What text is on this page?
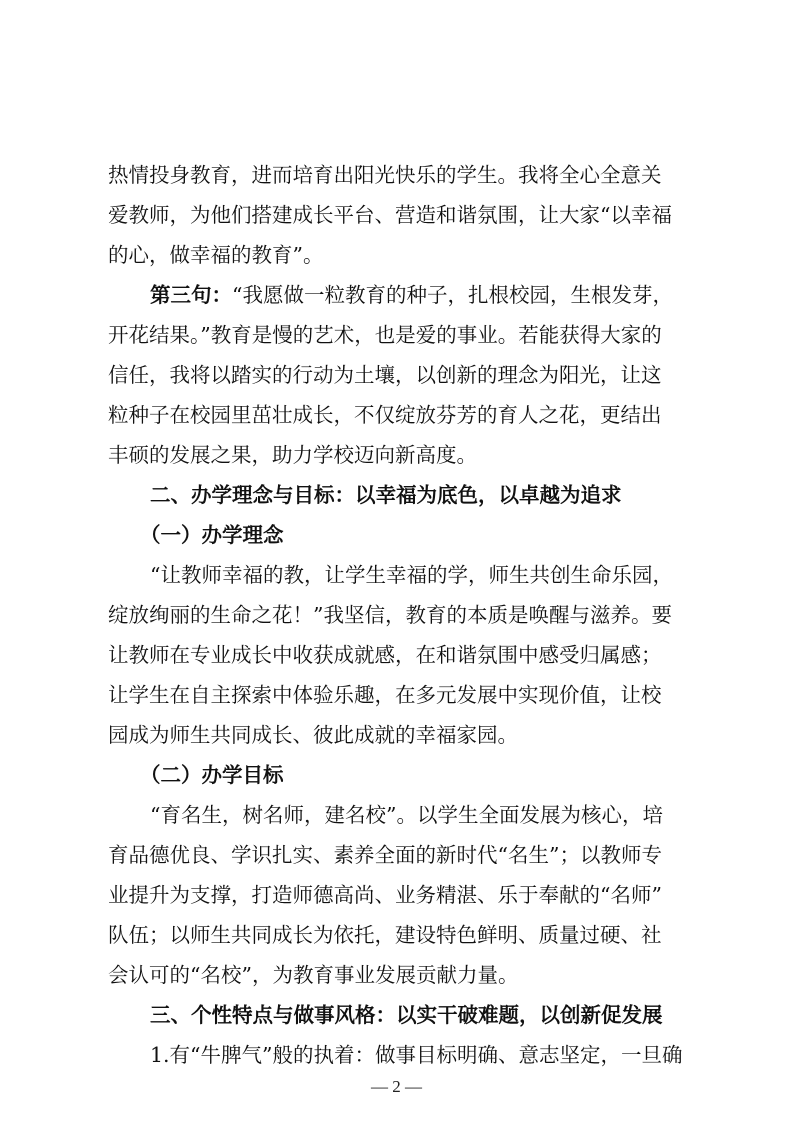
热情投身教育，进而培育出阳光快乐的学生。我将全心全意关
爱教师，为他们搭建成长平台、营造和谐氛围，让大家“以幸福
的心，做幸福的教育”。
第三句：“我愿做一粒教育的种子，扎根校园，生根发芽，
开花结果。”教育是慢的艺术，也是爱的事业。若能获得大家的
信任，我将以踏实的行动为土壤，以创新的理念为阳光，让这
粒种子在校园里茁壮成长，不仅绽放芬芳的育人之花，更结出
丰硕的发展之果，助力学校迈向新高度。
二、办学理念与目标：以幸福为底色，以卓越为追求
（一）办学理念
“让教师幸福的教，让学生幸福的学，师生共创生命乐园，
绽放绚丽的生命之花！”我坚信，教育的本质是唤醒与滋养。要
让教师在专业成长中收获成就感，在和谐氛围中感受归属感；
让学生在自主探索中体验乐趣，在多元发展中实现价值，让校
园成为师生共同成长、彼此成就的幸福家园。
（二）办学目标
“育名生，树名师，建名校”。以学生全面发展为核心，培
育品德优良、学识扎实、素养全面的新时代“名生”；以教师专
业提升为支撑，打造师德高尚、业务精湛、乐于奉献的“名师”
队伍；以师生共同成长为依托，建设特色鲜明、质量过硬、社
会认可的“名校”，为教育事业发展贡献力量。
三、个性特点与做事风格：以实干破难题，以创新促发展
1.有“牛脾气”般的执着：做事目标明确、意志坚定，一旦确
— 2 —
